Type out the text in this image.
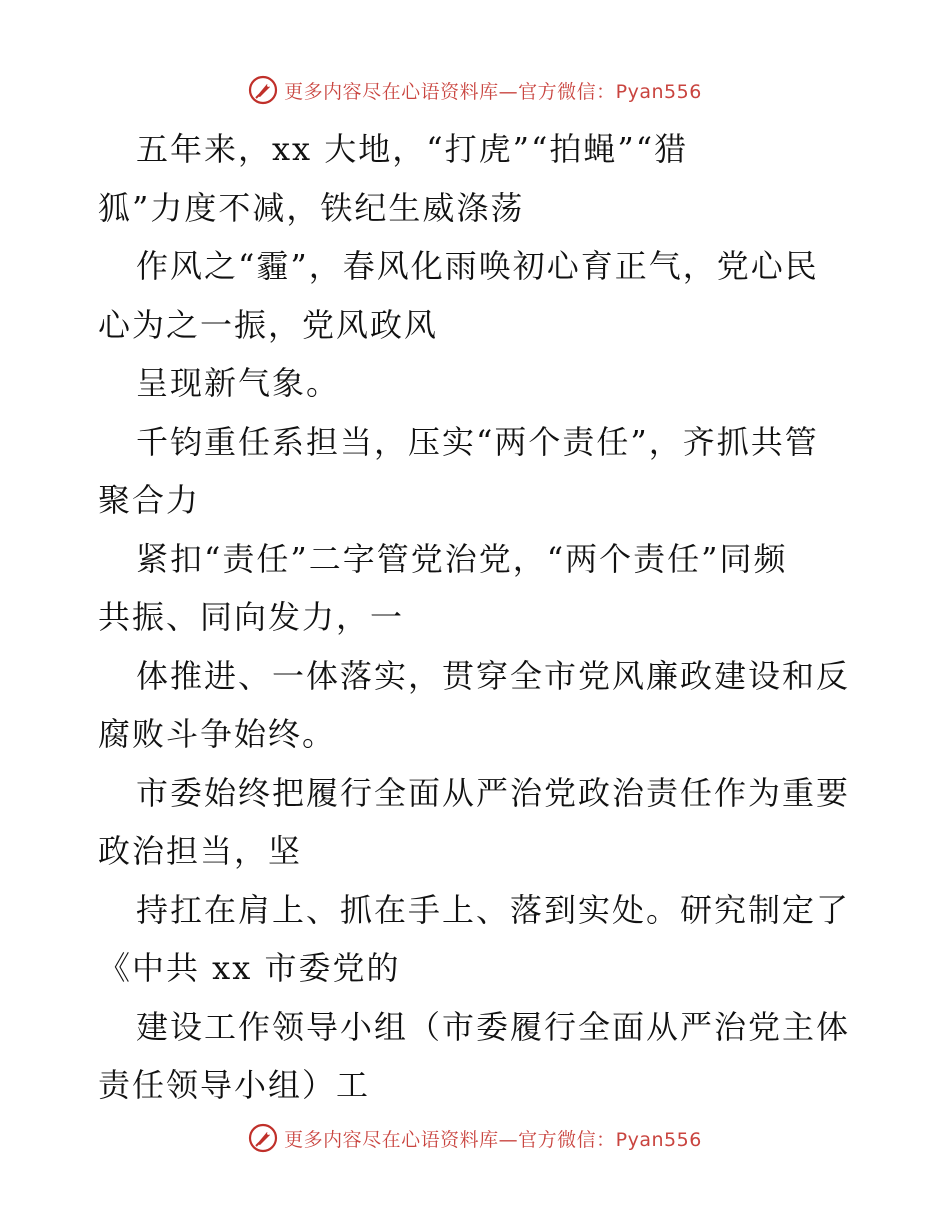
更多内容尽在心语资料库—官方微信：Pyan556
五年来，xx 大地，“打虎”“拍蝇”“猎
狐”力度不减，铁纪生威涤荡
作风之“霾”，春风化雨唤初心育正气，党心民
心为之一振，党风政风
呈现新气象。
千钧重任系担当，压实“两个责任”，齐抓共管
聚合力
紧扣“责任”二字管党治党，“两个责任”同频
共振、同向发力，一
体推进、一体落实，贯穿全市党风廉政建设和反
腐败斗争始终。
市委始终把履行全面从严治党政治责任作为重要
政治担当，坚
持扛在肩上、抓在手上、落到实处。研究制定了
《中共 xx 市委党的
建设工作领导小组（市委履行全面从严治党主体
责任领导小组）工
更多内容尽在心语资料库—官方微信：Pyan556
